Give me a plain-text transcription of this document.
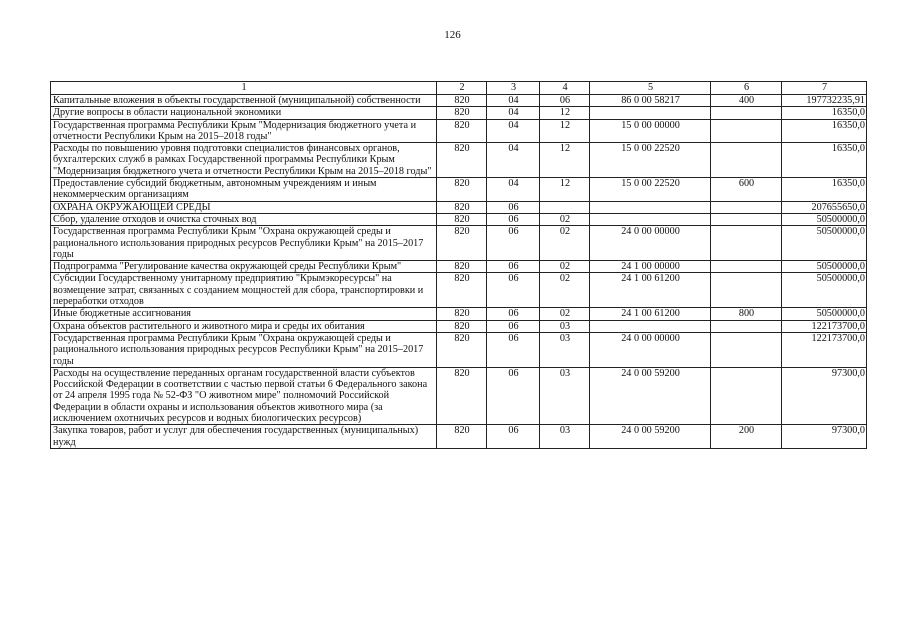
126
1	2	3	4	5	6	7
Капитальные вложения в объекты государственной (муниципальной) собственности	820	04	06	86 0 00 58217	400	197732235,91
Другие вопросы в области национальной экономики	820	04	12			16350,0
Государственная программа Республики Крым "Модернизация бюджетного учета и отчетности Республики Крым на 2015–2018 годы"	820	04	12	15 0 00 00000		16350,0
Расходы по повышению уровня подготовки специалистов финансовых органов, бухгалтерских служб в рамках Государственной программы Республики Крым "Модернизация бюджетного учета и отчетности Республики Крым на 2015–2018 годы"	820	04	12	15 0 00 22520		16350,0
Предоставление субсидий бюджетным, автономным учреждениям и иным некоммерческим организациям	820	04	12	15 0 00 22520	600	16350,0
ОХРАНА ОКРУЖАЮЩЕЙ СРЕДЫ	820	06				207655650,0
Сбор, удаление отходов и очистка сточных вод	820	06	02			50500000,0
Государственная программа Республики Крым "Охрана окружающей среды и рационального использования природных ресурсов Республики Крым" на 2015–2017 годы	820	06	02	24 0 00 00000		50500000,0
Подпрограмма "Регулирование качества окружающей среды Республики Крым"	820	06	02	24 1 00 00000		50500000,0
Субсидии Государственному унитарному предприятию "Крымэкоресурсы" на возмещение затрат, связанных с созданием мощностей для сбора, транспортировки и переработки отходов	820	06	02	24 1 00 61200		50500000,0
Иные бюджетные ассигнования	820	06	02	24 1 00 61200	800	50500000,0
Охрана объектов растительного и животного мира и среды их обитания	820	06	03			122173700,0
Государственная программа Республики Крым "Охрана окружающей среды и рационального использования природных ресурсов Республики Крым" на 2015–2017 годы	820	06	03	24 0 00 00000		122173700,0
Расходы на осуществление переданных органам государственной власти субъектов Российской Федерации в соответствии с частью первой статьи 6 Федерального закона от 24 апреля 1995 года № 52-ФЗ "О животном мире" полномочий Российской Федерации в области охраны и использования объектов животного мира (за исключением охотничьих ресурсов и водных биологических ресурсов)	820	06	03	24 0 00 59200		97300,0
Закупка товаров, работ и услуг для обеспечения государственных (муниципальных) нужд	820	06	03	24 0 00 59200	200	97300,0
